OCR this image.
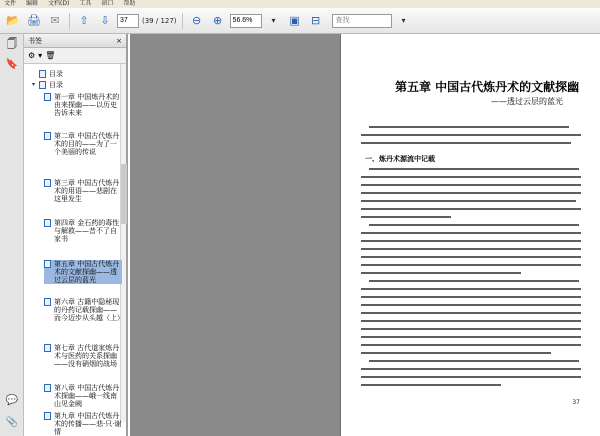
文件 编辑 文档(D) 工具 窗口 帮助
📂 🖨 ✉	⇧	⇩
37	(39 / 127)	⊖	⊕
56.6%	▾	▣	⊟
查找	▾
🗍
🔖
💬
📎
书签	×
⚙ ▾ 🗑
目录
▾	目录
第一章 中国炼丹术的由来探幽——以历史告诉未来
第二章 中国古代炼丹术的目的——为了一个美丽的传说
第三章 中国古代炼丹术的用语——悲剧在这里发生
第四章 金石药的毒性与解救——昔不了自家书
第五章 中国古代炼丹术的文献探幽——透过云层的蓝光
第六章 古籍中隐秘现的丹药记载探幽——而今迈步从头越（上）
第七章 古代道家炼丹术与医药的关系探幽——没有硝烟的战场
第八章 中国古代炼丹术探幽——峨一线南山见金阙
第九章 中国古代炼丹术的传播——悲·只·谢情
第五章 中国古代炼丹术的文献探幽
——透过云层的蓝光
一、炼丹术源流中记载
37
